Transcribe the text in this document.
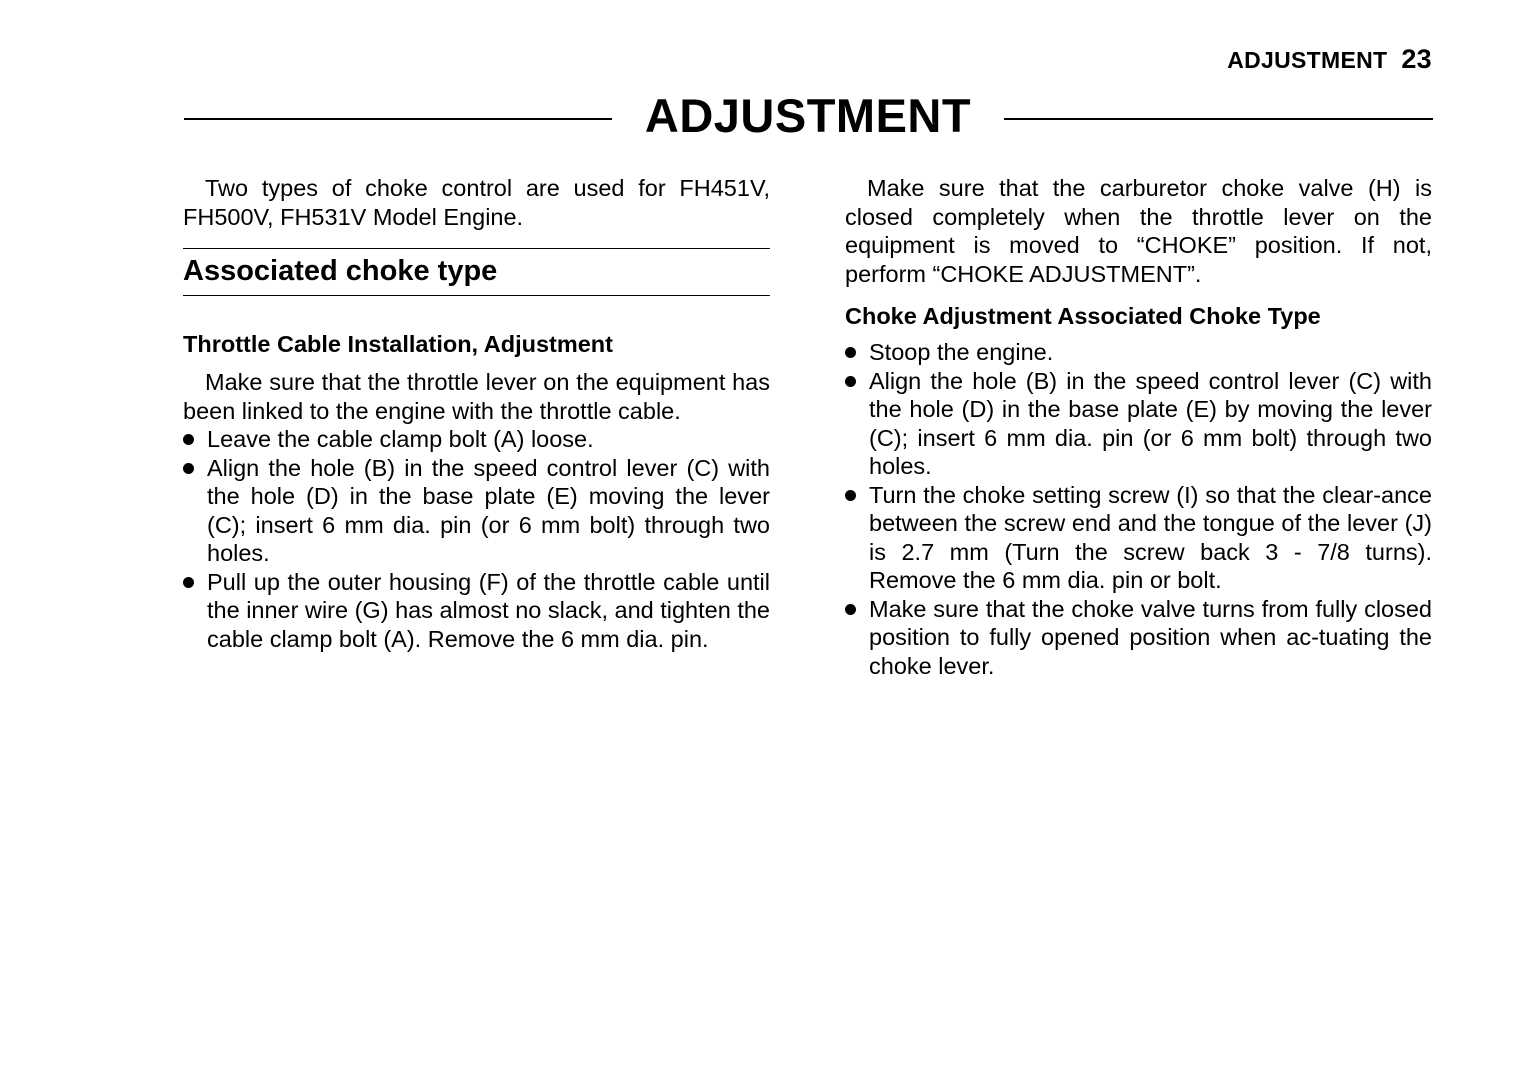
ADJUSTMENT 23
ADJUSTMENT

Two types of choke control are used for FH451V, FH500V, FH531V Model Engine.

Associated choke type

Throttle Cable Installation, Adjustment

Make sure that the throttle lever on the equipment has been linked to the engine with the throttle cable.

Leave the cable clamp bolt (A) loose.
Align the hole (B) in the speed control lever (C) with the hole (D) in the base plate (E) moving the lever (C); insert 6 mm dia. pin (or 6 mm bolt) through two holes.
Pull up the outer housing (F) of the throttle cable until the inner wire (G) has almost no slack, and tighten the cable clamp bolt (A). Remove the 6 mm dia. pin.

Make sure that the carburetor choke valve (H) is closed completely when the throttle lever on the equipment is moved to “CHOKE” position. If not, perform “CHOKE ADJUSTMENT”.

Choke Adjustment Associated Choke Type

Stoop the engine.
Align the hole (B) in the speed control lever (C) with the hole (D) in the base plate (E) by moving the lever (C); insert 6 mm dia. pin (or 6 mm bolt) through two holes.
Turn the choke setting screw (I) so that the clear-ance between the screw end and the tongue of the lever (J) is 2.7 mm (Turn the screw back 3 - 7/8 turns). Remove the 6 mm dia. pin or bolt.
Make sure that the choke valve turns from fully closed position to fully opened position when ac-tuating the choke lever.
